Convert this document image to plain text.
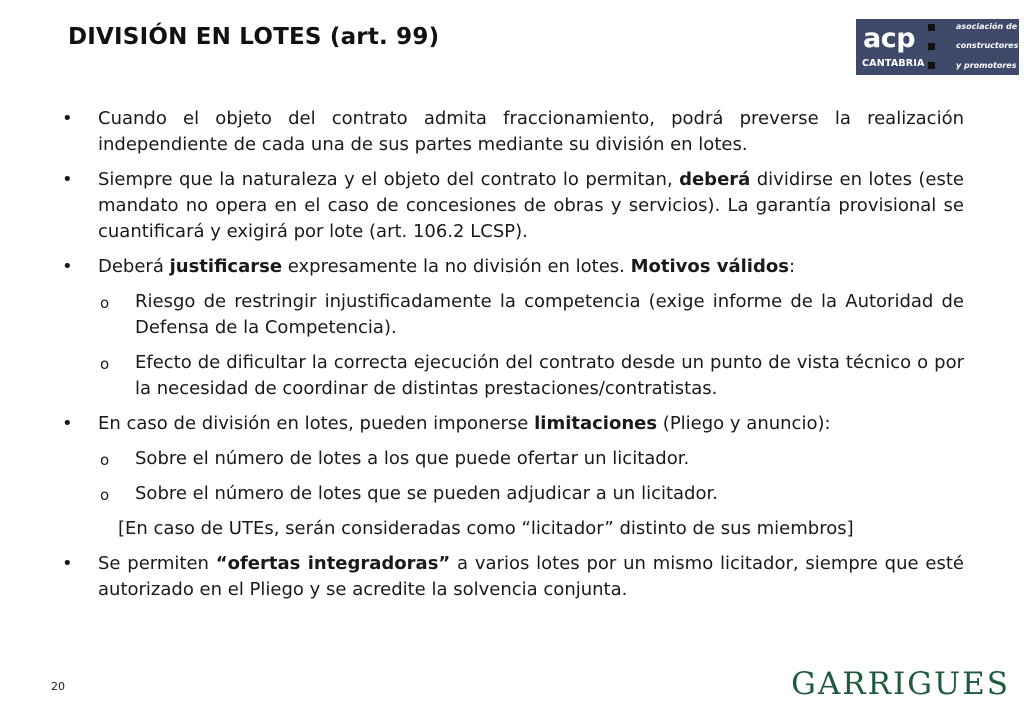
DIVISIÓN EN LOTES (art. 99)	acp
CANTABRIA
asociación de
constructores
y promotores
• Cuando el objeto del contrato admita fraccionamiento, podrá preverse la realización independiente de cada una de sus partes mediante su división en lotes.
• Siempre que la naturaleza y el objeto del contrato lo permitan, deberá dividirse en lotes (este mandato no opera en el caso de concesiones de obras y servicios). La garantía provisional se cuantificará y exigirá por lote (art. 106.2 LCSP).
• Deberá justificarse expresamente la no división en lotes. Motivos válidos:
o Riesgo de restringir injustificadamente la competencia (exige informe de la Autoridad de Defensa de la Competencia).
o Efecto de dificultar la correcta ejecución del contrato desde un punto de vista técnico o por la necesidad de coordinar de distintas prestaciones/contratistas.
• En caso de división en lotes, pueden imponerse limitaciones (Pliego y anuncio):
o Sobre el número de lotes a los que puede ofertar un licitador.
o Sobre el número de lotes que se pueden adjudicar a un licitador.
[En caso de UTEs, serán consideradas como “licitador” distinto de sus miembros]
• Se permiten “ofertas integradoras” a varios lotes por un mismo licitador, siempre que esté autorizado en el Pliego y se acredite la solvencia conjunta.
20	GARRIGUES
